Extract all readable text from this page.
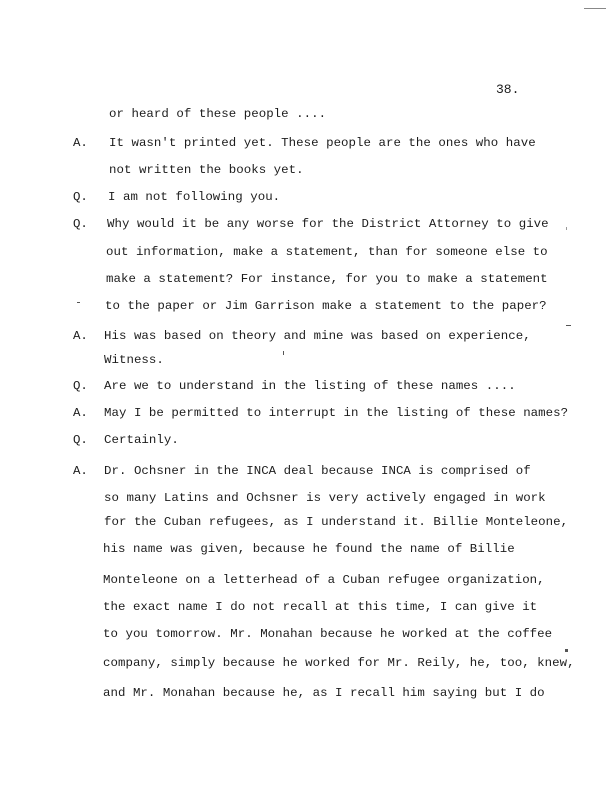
38.
A.
Q.
Q.
A.
Q.
A.
Q.
A.
or heard of these people ....
It wasn't printed yet. These people are the ones who have
not written the books yet.
I am not following you.
Why would it be any worse for the District Attorney to give
out information, make a statement, than for someone else to
make a statement? For instance, for you to make a statement
to the paper or Jim Garrison make a statement to the paper?
His was based on theory and mine was based on experience,
Witness.
Are we to understand in the listing of these names ....
May I be permitted to interrupt in the listing of these names?
Certainly.
Dr. Ochsner in the INCA deal because INCA is comprised of
so many Latins and Ochsner is very actively engaged in work
for the Cuban refugees, as I understand it. Billie Monteleone,
his name was given, because he found the name of Billie
Monteleone on a letterhead of a Cuban refugee organization,
the exact name I do not recall at this time, I can give it
to you tomorrow. Mr. Monahan because he worked at the coffee
company, simply because he worked for Mr. Reily, he, too, knew,
and Mr. Monahan because he, as I recall him saying but I do
